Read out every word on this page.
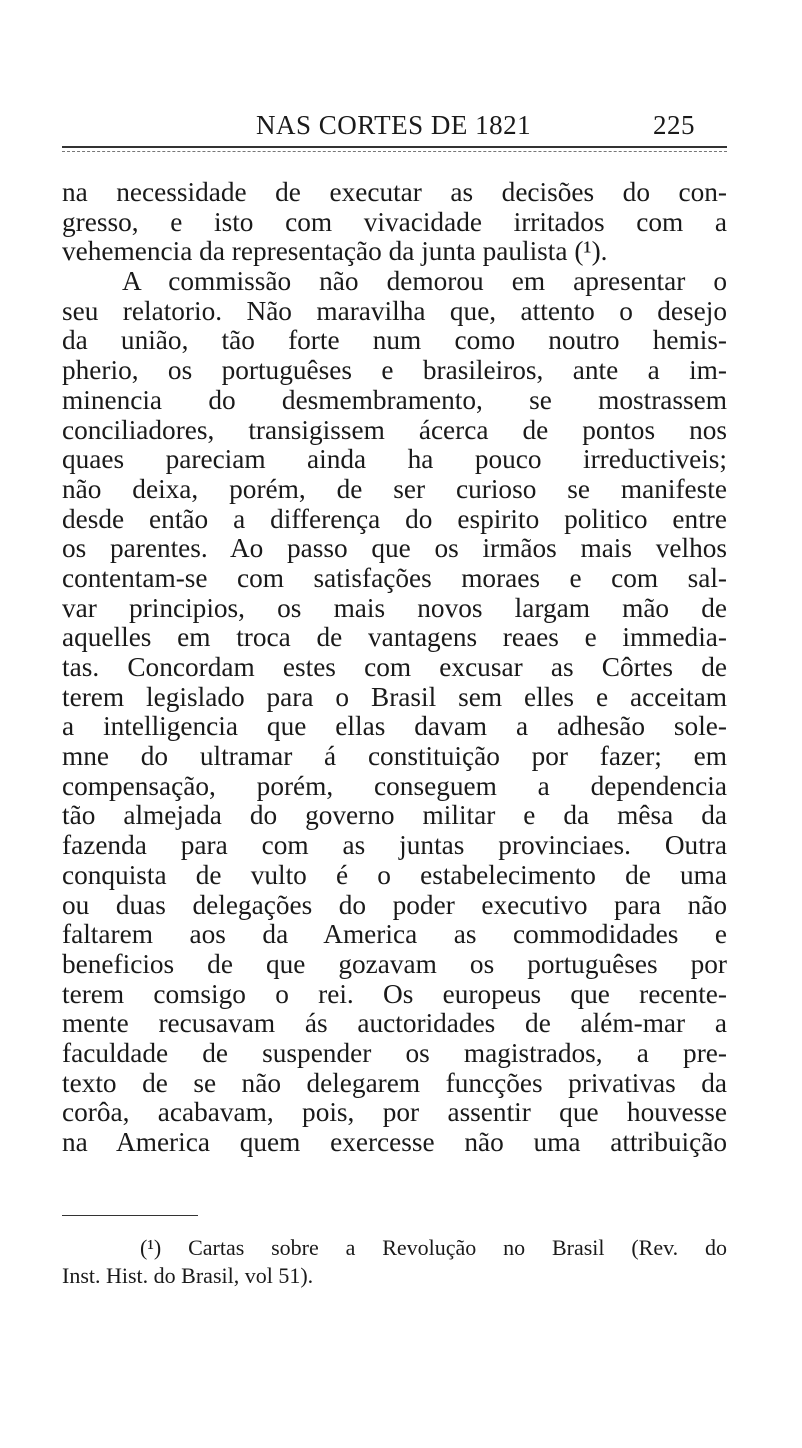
NAS CORTES DE 1821	225
na necessidade de executar as decisões do con-
gresso, e isto com vivacidade irritados com a
vehemencia da representação da junta paulista (¹).
A commissão não demorou em apresentar o
seu relatorio. Não maravilha que, attento o desejo
da união, tão forte num como noutro hemis-
pherio, os portuguêses e brasileiros, ante a im-
minencia do desmembramento, se mostrassem
conciliadores, transigissem ácerca de pontos nos
quaes pareciam ainda ha pouco irreductiveis;
não deixa, porém, de ser curioso se manifeste
desde então a differença do espirito politico entre
os parentes. Ao passo que os irmãos mais velhos
contentam-se com satisfações moraes e com sal-
var principios, os mais novos largam mão de
aquelles em troca de vantagens reaes e immedia-
tas. Concordam estes com excusar as Côrtes de
terem legislado para o Brasil sem elles e acceitam
a intelligencia que ellas davam a adhesão sole-
mne do ultramar á constituição por fazer; em
compensação, porém, conseguem a dependencia
tão almejada do governo militar e da mêsa da
fazenda para com as juntas provinciaes. Outra
conquista de vulto é o estabelecimento de uma
ou duas delegações do poder executivo para não
faltarem aos da America as commodidades e
beneficios de que gozavam os portuguêses por
terem comsigo o rei. Os europeus que recente-
mente recusavam ás auctoridades de além-mar a
faculdade de suspender os magistrados, a pre-
texto de se não delegarem funcções privativas da
corôa, acabavam, pois, por assentir que houvesse
na America quem exercesse não uma attribuição
(¹) Cartas sobre a Revolução no Brasil (Rev. do
Inst. Hist. do Brasil, vol 51).
